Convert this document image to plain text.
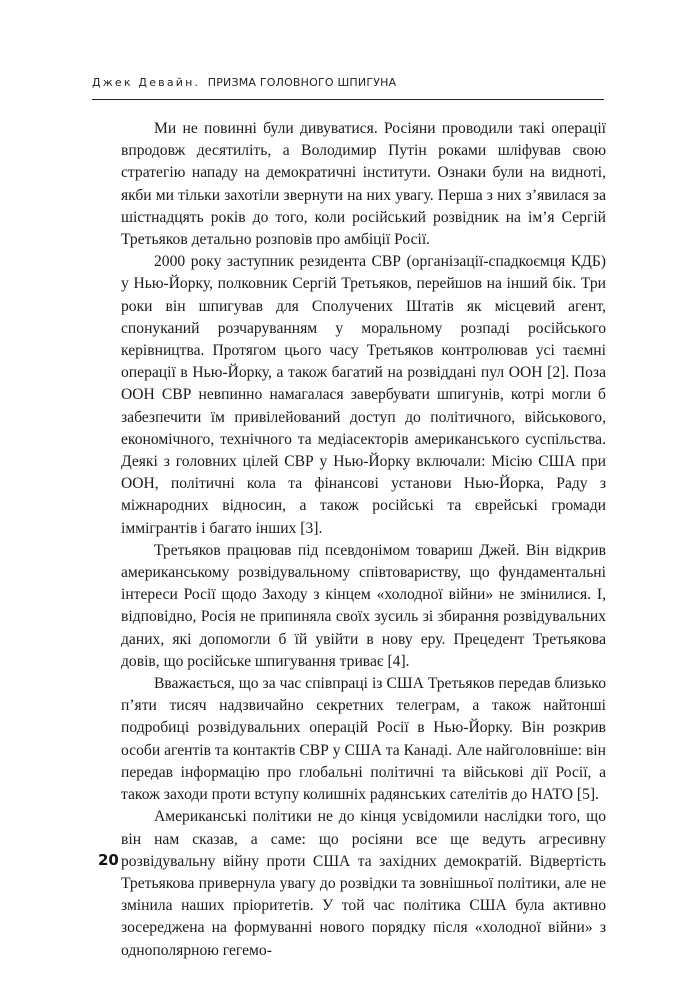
Джек Девайн. ПРИЗМА ГОЛОВНОГО ШПИГУНА

Ми не повинні були дивуватися. Росіяни проводили такі операції впродовж десятиліть, а Володимир Путін роками шліфував свою стратегію нападу на демократичні інститути. Ознаки були на видноті, якби ми тільки захотіли звернути на них увагу. Перша з них з’явилася за шістнадцять років до того, коли російський розвідник на ім’я Сергій Третьяков детально розповів про амбіції Росії.

2000 року заступник резидента СВР (організації-спадкоємця КДБ) у Нью-Йорку, полковник Сергій Третьяков, перейшов на інший бік. Три роки він шпигував для Сполучених Штатів як місцевий агент, спонуканий розчаруванням у моральному розпаді російського керівництва. Протягом цього часу Третьяков контролював усі таємні операції в Нью-Йорку, а також багатий на розвіддані пул ООН [2]. Поза ООН СВР невпинно намагалася завербувати шпигунів, котрі могли б забезпечити їм привілейований доступ до політичного, військового, економічного, технічного та медіасекторів американського суспільства. Деякі з головних цілей СВР у Нью-Йорку включали: Місію США при ООН, політичні кола та фінансові установи Нью-Йорка, Раду з міжнародних відносин, а також російські та єврейські громади іммігрантів і багато інших [3].

Третьяков працював під псевдонімом товариш Джей. Він відкрив американському розвідувальному співтовариству, що фундаментальні інтереси Росії щодо Заходу з кінцем «холодної війни» не змінилися. І, відповідно, Росія не припиняла своїх зусиль зі збирання розвідувальних даних, які допомогли б їй увійти в нову еру. Прецедент Третьякова довів, що російське шпигування триває [4].

Вважається, що за час співпраці із США Третьяков передав близько п’яти тисяч надзвичайно секретних телеграм, а також найтонші подробиці розвідувальних операцій Росії в Нью-Йорку. Він розкрив особи агентів та контактів СВР у США та Канаді. Але найголовніше: він передав інформацію про глобальні політичні та військові дії Росії, а також заходи проти вступу колишніх радянських сателітів до НАТО [5].

Американські політики не до кінця усвідомили наслідки того, що він нам сказав, а саме: що росіяни все ще ведуть агресивну розвідувальну війну проти США та західних демократій. Відвертість Третьякова привернула увагу до розвідки та зовнішньої політики, але не змінила наших пріоритетів. У той час політика США була активно зосереджена на формуванні нового порядку після «холодної війни» з однополярною гегемо-

20
